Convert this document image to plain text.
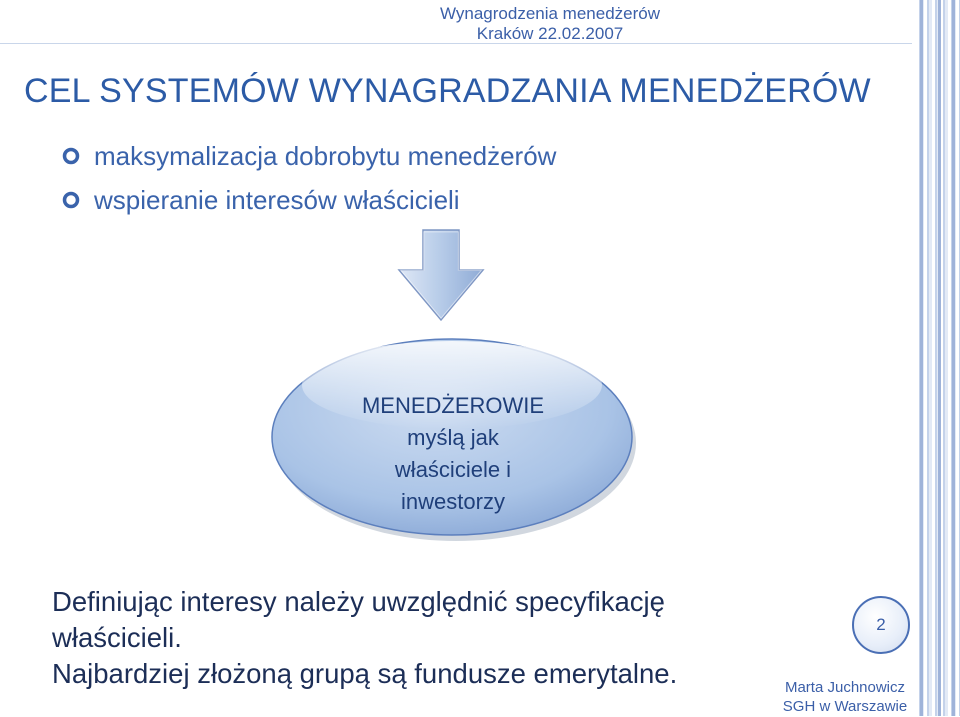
Wynagrodzenia menedżerów
Kraków 22.02.2007
CEL SYSTEMÓW WYNAGRADZANIA MENEDŻERÓW
maksymalizacja dobrobytu menedżerów
wspieranie interesów właścicieli
MENEDŻEROWIE
myślą jak
właściciele i
inwestorzy
Definiując interesy należy uwzględnić specyfikację
właścicieli.
Najbardziej złożoną grupą są fundusze emerytalne.
2
Marta Juchnowicz
SGH w Warszawie
